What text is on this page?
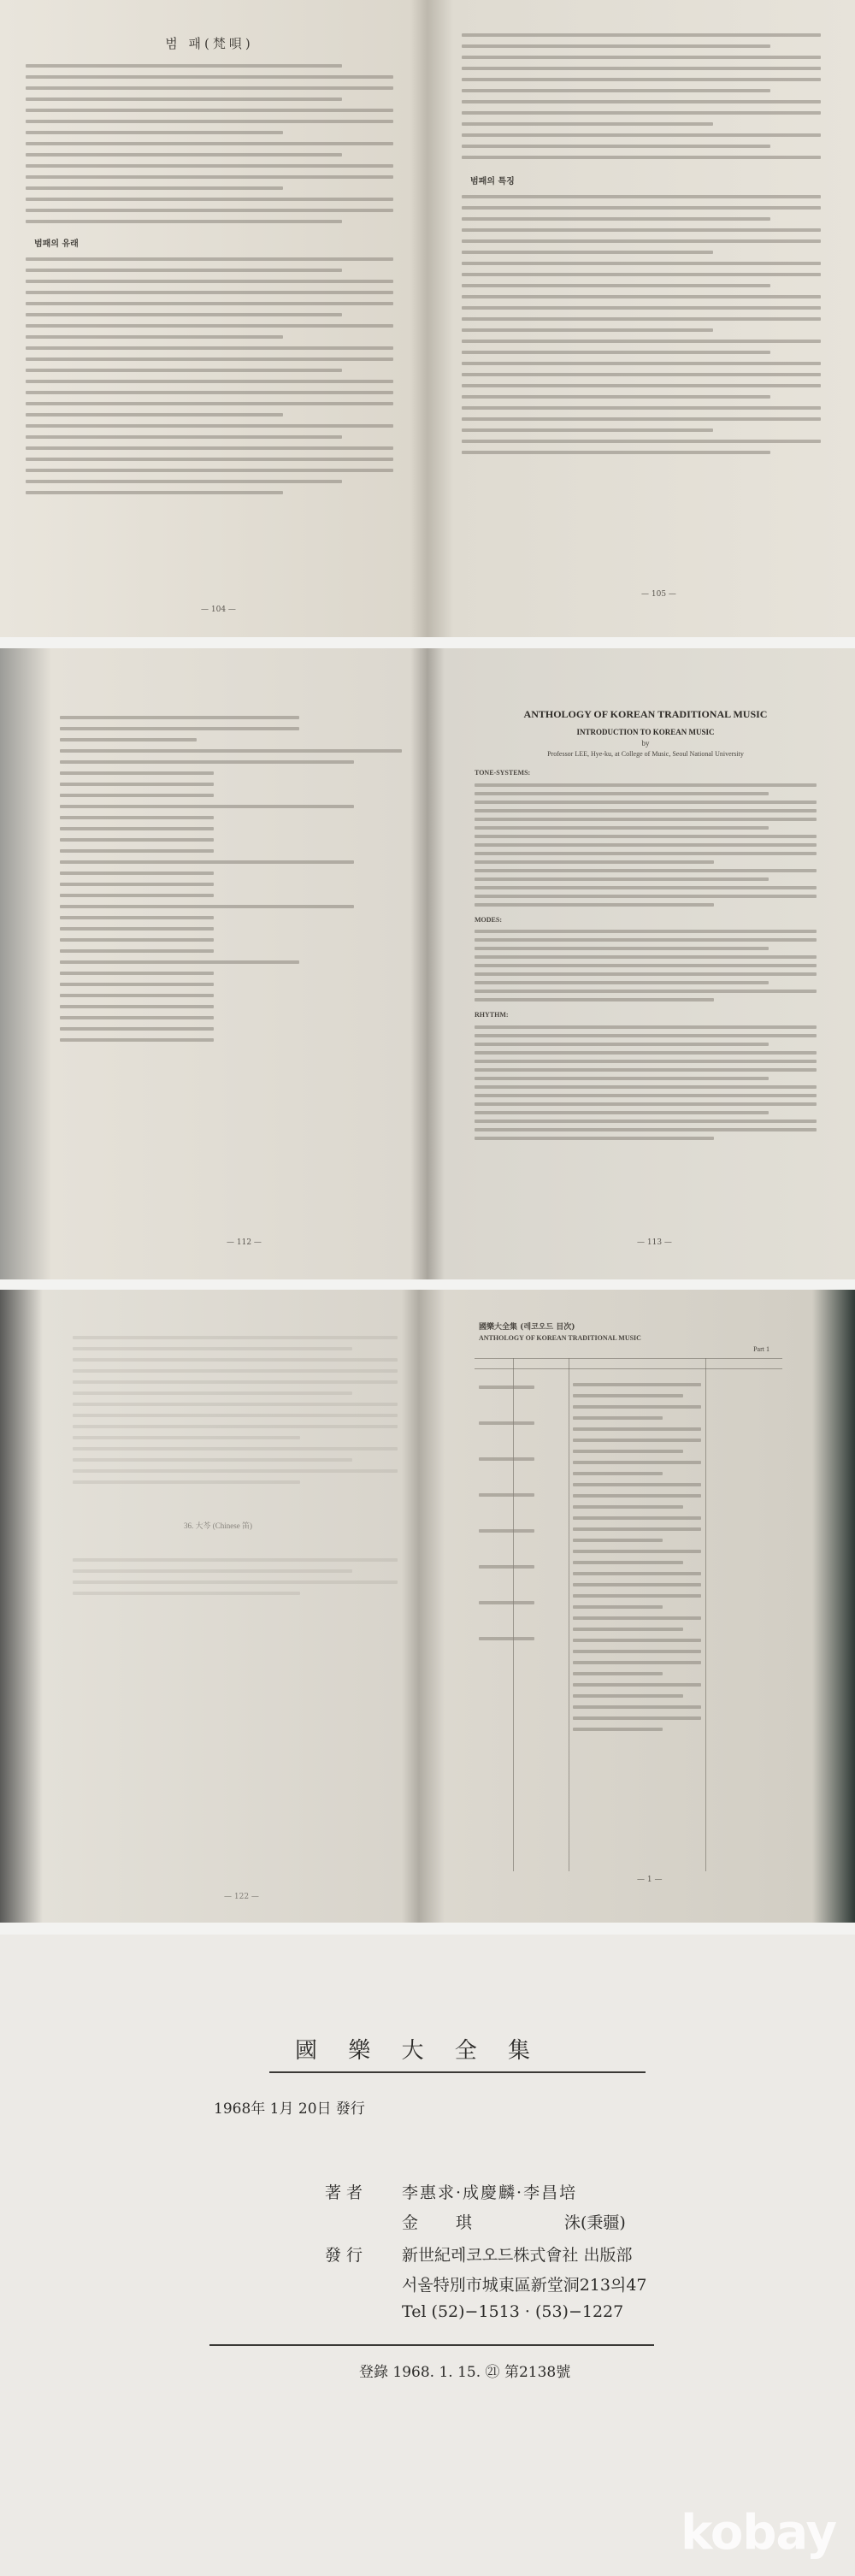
범 패(梵唄)
범패의 유래
— 104 —
범패의 특징
— 105 —
— 112 —
ANTHOLOGY OF KOREAN TRADITIONAL MUSIC
INTRODUCTION TO KOREAN MUSIC
by
Professor LEE, Hye-ku, at College of Music, Seoul National University
TONE-SYSTEMS:
MODES:
RHYTHM:
— 113 —
36. 大芩 (Chinese 笛)
— 122 —
國樂大全集 (레코오드 目次)
ANTHOLOGY OF KOREAN TRADITIONAL MUSIC
Part 1
— 1 —
國 樂 大 全 集
1968年 1月 20日 發行
著者 李惠求·成慶麟·李昌培
金　　琪	洙(秉疆)
發行 新世紀레코오드株式會社 出版部
서울特別市城東區新堂洞213의47
Tel (52)−1513 · (53)−1227
登錄 1968. 1. 15. ㉑ 第2138號
kobay
